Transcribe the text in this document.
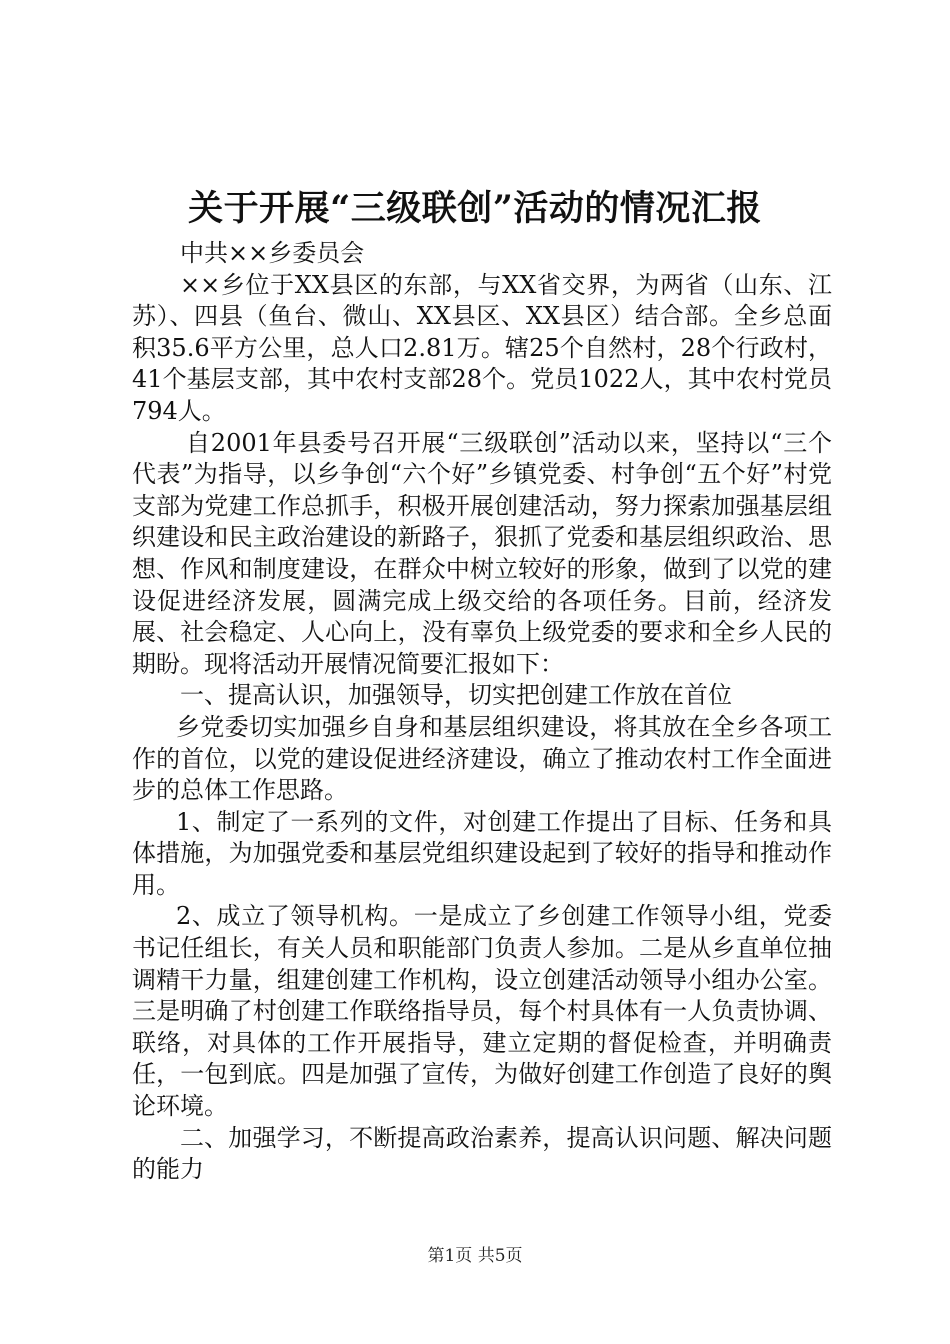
关于开展“三级联创”活动的情况汇报

中共××乡委员会

××乡位于XX县区的东部，与XX省交界，为两省（山东、江苏）、四县（鱼台、微山、XX县区、XX县区）结合部。全乡总面积35.6平方公里，总人口2.81万。辖25个自然村，28个行政村，41个基层支部，其中农村支部28个。党员1022人，其中农村党员794人。

自2001年县委号召开展“三级联创”活动以来，坚持以“三个代表”为指导，以乡争创“六个好”乡镇党委、村争创“五个好”村党支部为党建工作总抓手，积极开展创建活动，努力探索加强基层组织建设和民主政治建设的新路子，狠抓了党委和基层组织政治、思想、作风和制度建设，在群众中树立较好的形象，做到了以党的建设促进经济发展，圆满完成上级交给的各项任务。目前，经济发展、社会稳定、人心向上，没有辜负上级党委的要求和全乡人民的期盼。现将活动开展情况简要汇报如下：

一、提高认识，加强领导，切实把创建工作放在首位

乡党委切实加强乡自身和基层组织建设，将其放在全乡各项工作的首位，以党的建设促进经济建设，确立了推动农村工作全面进步的总体工作思路。

1、制定了一系列的文件，对创建工作提出了目标、任务和具体措施，为加强党委和基层党组织建设起到了较好的指导和推动作用。

2、成立了领导机构。一是成立了乡创建工作领导小组，党委书记任组长，有关人员和职能部门负责人参加。二是从乡直单位抽调精干力量，组建创建工作机构，设立创建活动领导小组办公室。三是明确了村创建工作联络指导员，每个村具体有一人负责协调、联络，对具体的工作开展指导，建立定期的督促检查，并明确责任，一包到底。四是加强了宣传，为做好创建工作创造了良好的舆论环境。

二、加强学习，不断提高政治素养，提高认识问题、解决问题的能力

第1页 共5页
